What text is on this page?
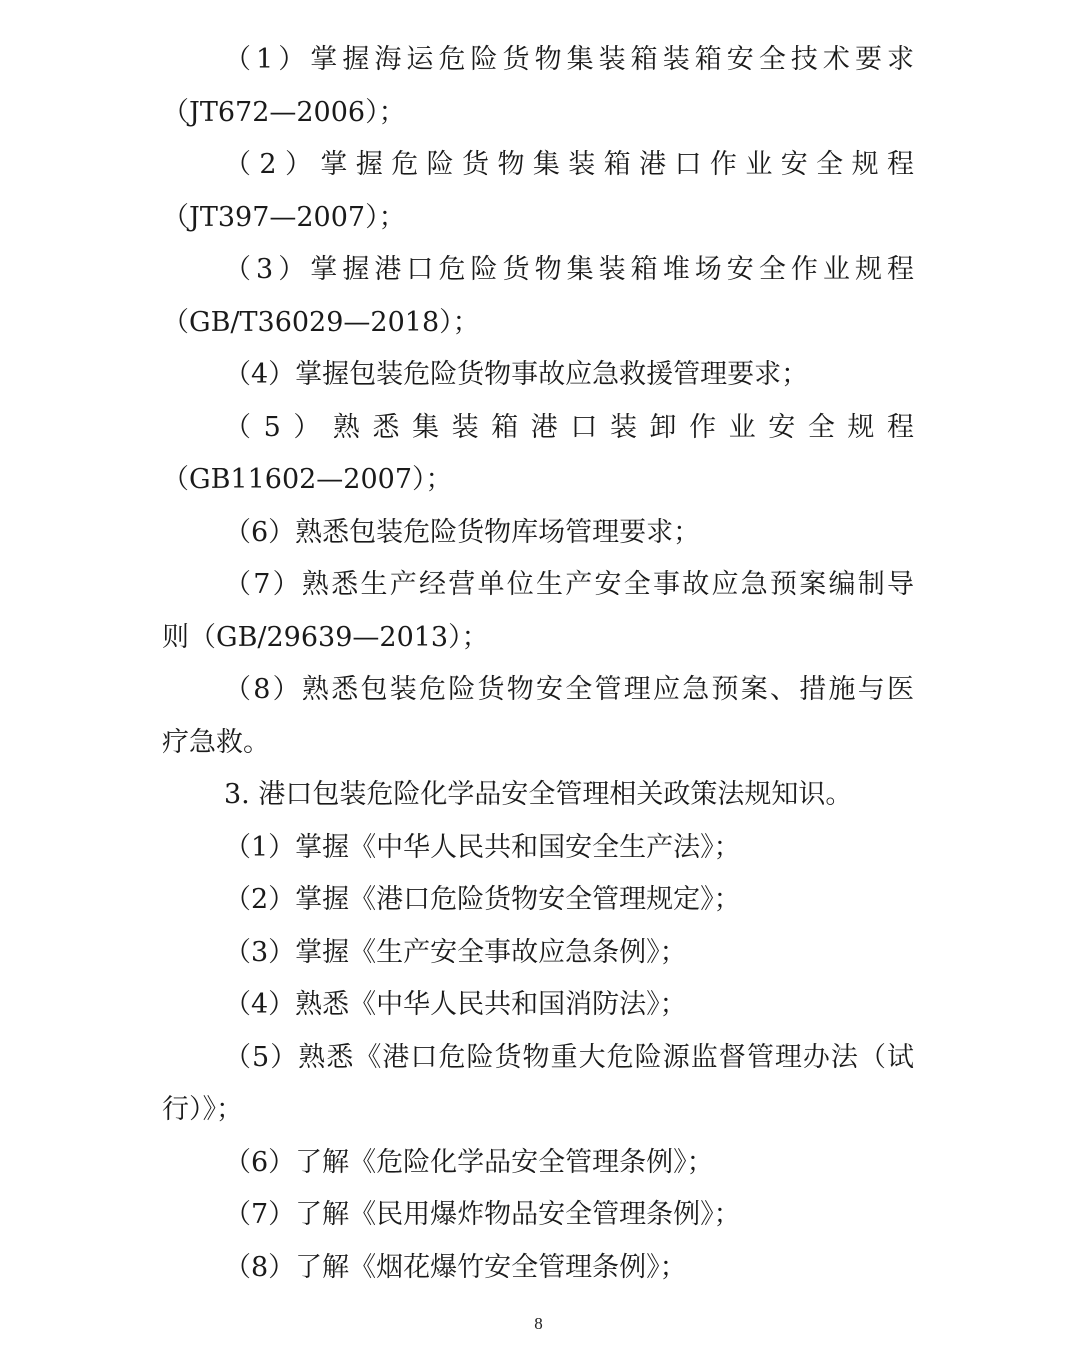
（1）掌握海运危险货物集装箱装箱安全技术要求
（JT672—2006）；
（2）掌握危险货物集装箱港口作业安全规程
（JT397—2007）；
（3）掌握港口危险货物集装箱堆场安全作业规程
（GB/T36029—2018）；
（4）掌握包装危险货物事故应急救援管理要求；
（5）熟悉集装箱港口装卸作业安全规程
（GB11602—2007）；
（6）熟悉包装危险货物库场管理要求；
（7）熟悉生产经营单位生产安全事故应急预案编制导
则（GB/29639—2013）；
（8）熟悉包装危险货物安全管理应急预案、措施与医
疗急救。
3. 港口包装危险化学品安全管理相关政策法规知识。
（1）掌握《中华人民共和国安全生产法》；
（2）掌握《港口危险货物安全管理规定》；
（3）掌握《生产安全事故应急条例》；
（4）熟悉《中华人民共和国消防法》；
（5）熟悉《港口危险货物重大危险源监督管理办法（试
行）》；
（6）了解《危险化学品安全管理条例》；
（7）了解《民用爆炸物品安全管理条例》；
（8）了解《烟花爆竹安全管理条例》；
8
